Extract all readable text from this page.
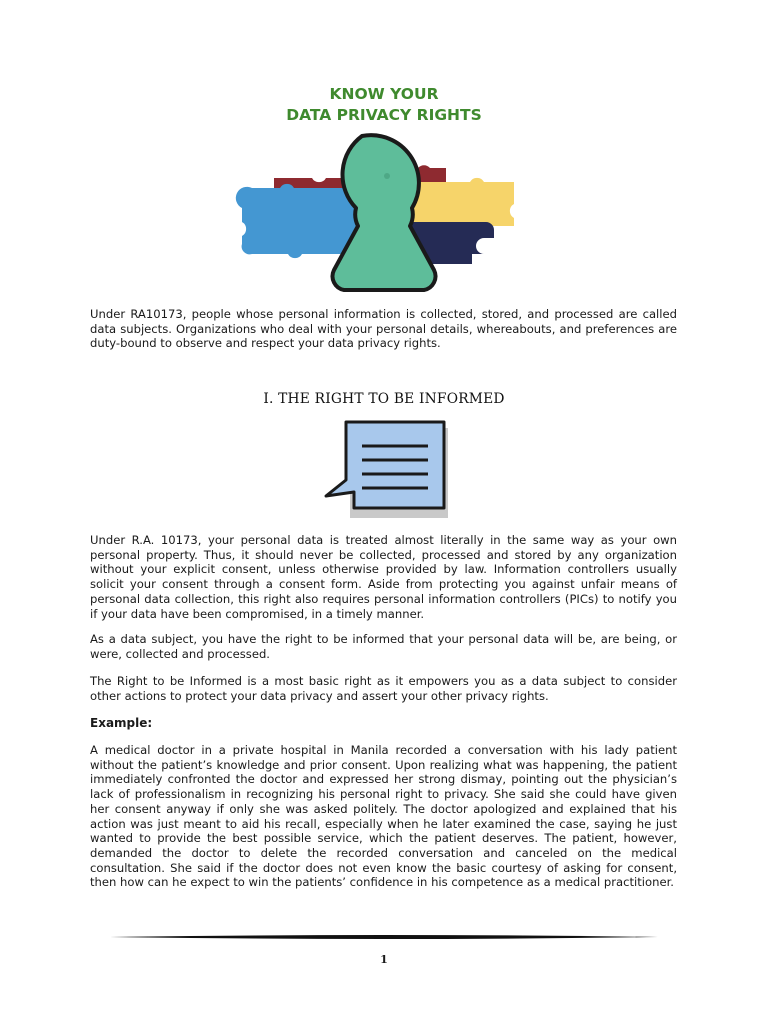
KNOW YOUR
DATA PRIVACY RIGHTS

Under RA10173, people whose personal information is collected, stored, and processed are called data subjects. Organizations who deal with your personal details, whereabouts, and preferences are duty-bound to observe and respect your data privacy rights.

I. THE RIGHT TO BE INFORMED

Under R.A. 10173, your personal data is treated almost literally in the same way as your own personal property. Thus, it should never be collected, processed and stored by any organization without your explicit consent, unless otherwise provided by law. Information controllers usually solicit your consent through a consent form. Aside from protecting you against unfair means of personal data collection, this right also requires personal information controllers (PICs) to notify you if your data have been compromised, in a timely manner.

As a data subject, you have the right to be informed that your personal data will be, are being, or were, collected and processed.

The Right to be Informed is a most basic right as it empowers you as a data subject to consider other actions to protect your data privacy and assert your other privacy rights.

Example:

A medical doctor in a private hospital in Manila recorded a conversation with his lady patient without the patient’s knowledge and prior consent. Upon realizing what was happening, the patient immediately confronted the doctor and expressed her strong dismay, pointing out the physician’s lack of professionalism in recognizing his personal right to privacy. She said she could have given her consent anyway if only she was asked politely. The doctor apologized and explained that his action was just meant to aid his recall, especially when he later examined the case, saying he just wanted to provide the best possible service, which the patient deserves. The patient, however, demanded the doctor to delete the recorded conversation and canceled on the medical consultation. She said if the doctor does not even know the basic courtesy of asking for consent, then how can he expect to win the patients’ confidence in his competence as a medical practitioner.

1
